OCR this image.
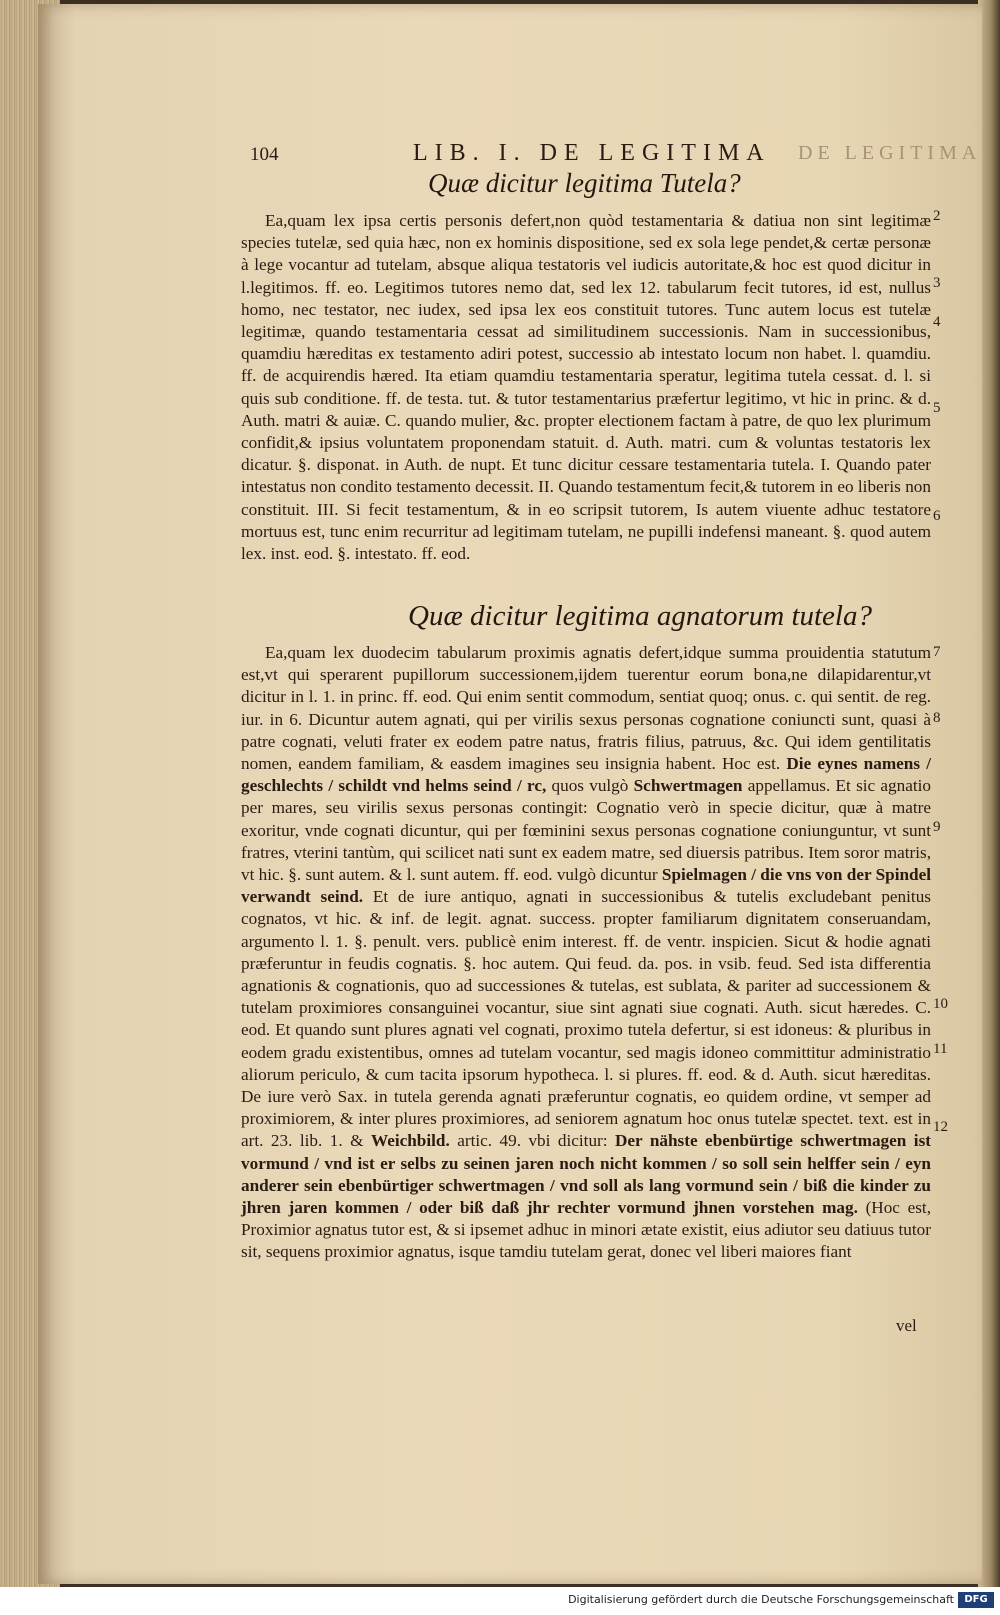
104	LIB. I. DE LEGITIMA DE LEGITIMA
Quæ dicitur legitima Tutela?

Ea,quam lex ipsa certis personis defert,non quòd testamentaria & datiua non sint legitimæ species tutelæ, sed quia hæc, non ex hominis dispositione, sed ex sola lege pendet,& certæ personæ à lege vocantur ad tutelam, absque aliqua testatoris vel iudicis autoritate,& hoc est quod dicitur in l.legitimos. ff. eo. Legitimos tutores nemo dat, sed lex 12. tabularum fecit tutores, id est, nullus homo, nec testator, nec iudex, sed ipsa lex eos constituit tutores. Tunc autem locus est tutelæ legitimæ, quando testamentaria cessat ad similitudinem successionis. Nam in successionibus, quamdiu hæreditas ex testamento adiri potest, successio ab intestato locum non habet. l. quamdiu. ff. de acquirendis hæred. Ita etiam quamdiu testamentaria speratur, legitima tutela cessat. d. l. si quis sub conditione. ff. de testa. tut. & tutor testamentarius præfertur legitimo, vt hic in princ. & d. Auth. matri & auiæ. C. quando mulier, &c. propter electionem factam à patre, de quo lex plurimum confidit,& ipsius voluntatem proponendam statuit. d. Auth. matri. cum & voluntas testatoris lex dicatur. §. disponat. in Auth. de nupt. Et tunc dicitur cessare testamentaria tutela. I. Quando pater intestatus non condito testamento decessit. II. Quando testamentum fecit,& tutorem in eo liberis non constituit. III. Si fecit testamentum, & in eo scripsit tutorem, Is autem viuente adhuc testatore mortuus est, tunc enim recurritur ad legitimam tutelam, ne pupilli indefensi maneant. §. quod autem lex. inst. eod. §. intestato. ff. eod.

Quæ dicitur legitima agnatorum tutela?

Ea,quam lex duodecim tabularum proximis agnatis defert,idque summa prouidentia statutum est,vt qui sperarent pupillorum successionem,ijdem tuerentur eorum bona,ne dilapidarentur,vt dicitur in l. 1. in princ. ff. eod. Qui enim sentit commodum, sentiat quoq; onus. c. qui sentit. de reg. iur. in 6. Dicuntur autem agnati, qui per virilis sexus personas cognatione coniuncti sunt, quasi à patre cognati, veluti frater ex eodem patre natus, fratris filius, patruus, &c. Qui idem gentilitatis nomen, eandem familiam, & easdem imagines seu insignia habent. Hoc est. Die eynes namens / geschlechts / schildt vnd helms seind / rc, quos vulgò Schwertmagen appellamus. Et sic agnatio per mares, seu virilis sexus personas contingit: Cognatio verò in specie dicitur, quæ à matre exoritur, vnde cognati dicuntur, qui per fœminini sexus personas cognatione coniunguntur, vt sunt fratres, vterini tantùm, qui scilicet nati sunt ex eadem matre, sed diuersis patribus. Item soror matris, vt hic. §. sunt autem. & l. sunt autem. ff. eod. vulgò dicuntur Spielmagen / die vns von der Spindel verwandt seind. Et de iure antiquo, agnati in successionibus & tutelis excludebant penitus cognatos, vt hic. & inf. de legit. agnat. success. propter familiarum dignitatem conseruandam, argumento l. 1. §. penult. vers. publicè enim interest. ff. de ventr. inspicien. Sicut & hodie agnati præferuntur in feudis cognatis. §. hoc autem. Qui feud. da. pos. in vsib. feud. Sed ista differentia agnationis & cognationis, quo ad successiones & tutelas, est sublata, & pariter ad successionem & tutelam proximiores consanguinei vocantur, siue sint agnati siue cognati. Auth. sicut hæredes. C. eod. Et quando sunt plures agnati vel cognati, proximo tutela defertur, si est idoneus: & pluribus in eodem gradu existentibus, omnes ad tutelam vocantur, sed magis idoneo committitur administratio aliorum periculo, & cum tacita ipsorum hypotheca. l. si plures. ff. eod. & d. Auth. sicut hæreditas. De iure verò Sax. in tutela gerenda agnati præferuntur cognatis, eo quidem ordine, vt semper ad proximiorem, & inter plures proximiores, ad seniorem agnatum hoc onus tutelæ spectet. text. est in art. 23. lib. 1. & Weichbild. artic. 49. vbi dicitur: Der nähste ebenbürtige schwertmagen ist vormund / vnd ist er selbs zu seinen jaren noch nicht kommen / so soll sein helffer sein / eyn anderer sein ebenbürtiger schwertmagen / vnd soll als lang vormund sein / biß die kinder zu jhren jaren kommen / oder biß daß jhr rechter vormund jhnen vorstehen mag. (Hoc est, Proximior agnatus tutor est, & si ipsemet adhuc in minori ætate existit, eius adiutor seu datiuus tutor sit, sequens proximior agnatus, isque tamdiu tutelam gerat, donec vel liberi maiores fiant

2
3
4
5
6
7
8
9
10
11
12
vel
Digitalisierung gefördert durch die Deutsche Forschungsgemeinschaft	DFG
